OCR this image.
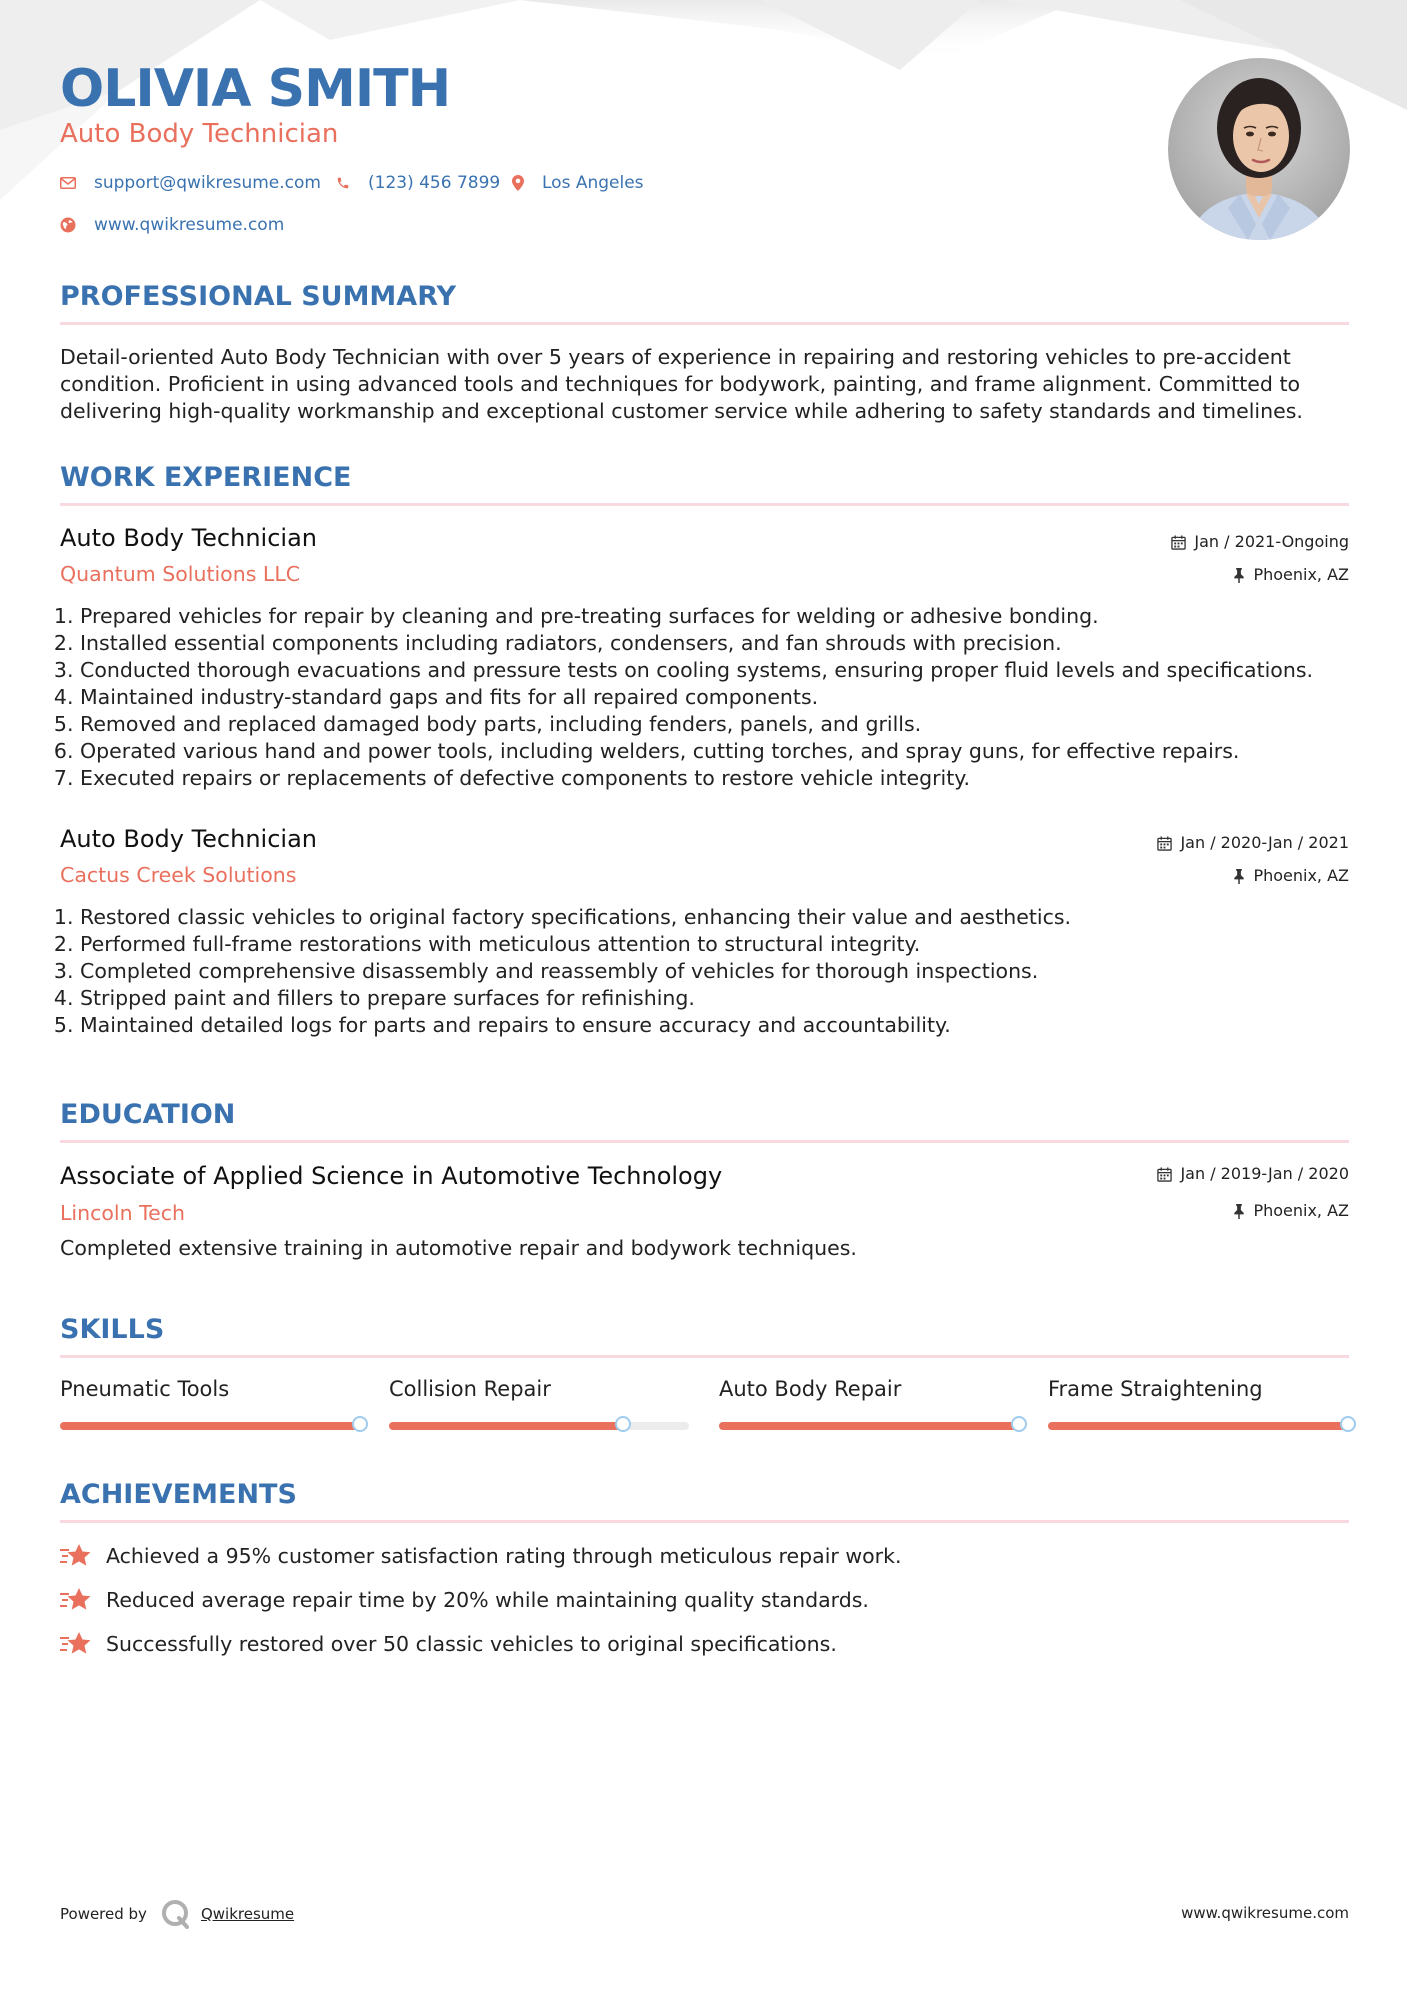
OLIVIA SMITH
Auto Body Technician
support@qwikresume.com	(123) 456 7899 Los Angeles
www.qwikresume.com
PROFESSIONAL SUMMARY

Detail-oriented Auto Body Technician with over 5 years of experience in repairing and restoring vehicles to pre-accident condition. Proficient in using advanced tools and techniques for bodywork, painting, and frame alignment. Committed to delivering high-quality workmanship and exceptional customer service while adhering to safety standards and timelines.

WORK EXPERIENCE
Auto Body Technician
Quantum Solutions LLC
Jan / 2021-Ongoing
Phoenix, AZ
1. Prepared vehicles for repair by cleaning and pre-treating surfaces for welding or adhesive bonding.
2. Installed essential components including radiators, condensers, and fan shrouds with precision.
3. Conducted thorough evacuations and pressure tests on cooling systems, ensuring proper fluid levels and specifications.
4. Maintained industry-standard gaps and fits for all repaired components.
5. Removed and replaced damaged body parts, including fenders, panels, and grills.
6. Operated various hand and power tools, including welders, cutting torches, and spray guns, for effective repairs.
7. Executed repairs or replacements of defective components to restore vehicle integrity.
Auto Body Technician
Cactus Creek Solutions
Jan / 2020-Jan / 2021
Phoenix, AZ
1. Restored classic vehicles to original factory specifications, enhancing their value and aesthetics.
2. Performed full-frame restorations with meticulous attention to structural integrity.
3. Completed comprehensive disassembly and reassembly of vehicles for thorough inspections.
4. Stripped paint and fillers to prepare surfaces for refinishing.
5. Maintained detailed logs for parts and repairs to ensure accuracy and accountability.
EDUCATION
Associate of Applied Science in Automotive Technology
Lincoln Tech
Jan / 2019-Jan / 2020
Phoenix, AZ

Completed extensive training in automotive repair and bodywork techniques.

SKILLS
Pneumatic Tools	Collision Repair	Auto Body Repair	Frame Straightening
ACHIEVEMENTS
Achieved a 95% customer satisfaction rating through meticulous repair work.
Reduced average repair time by 20% while maintaining quality standards.
Successfully restored over 50 classic vehicles to original specifications.
Powered by	Qwikresume	www.qwikresume.com
